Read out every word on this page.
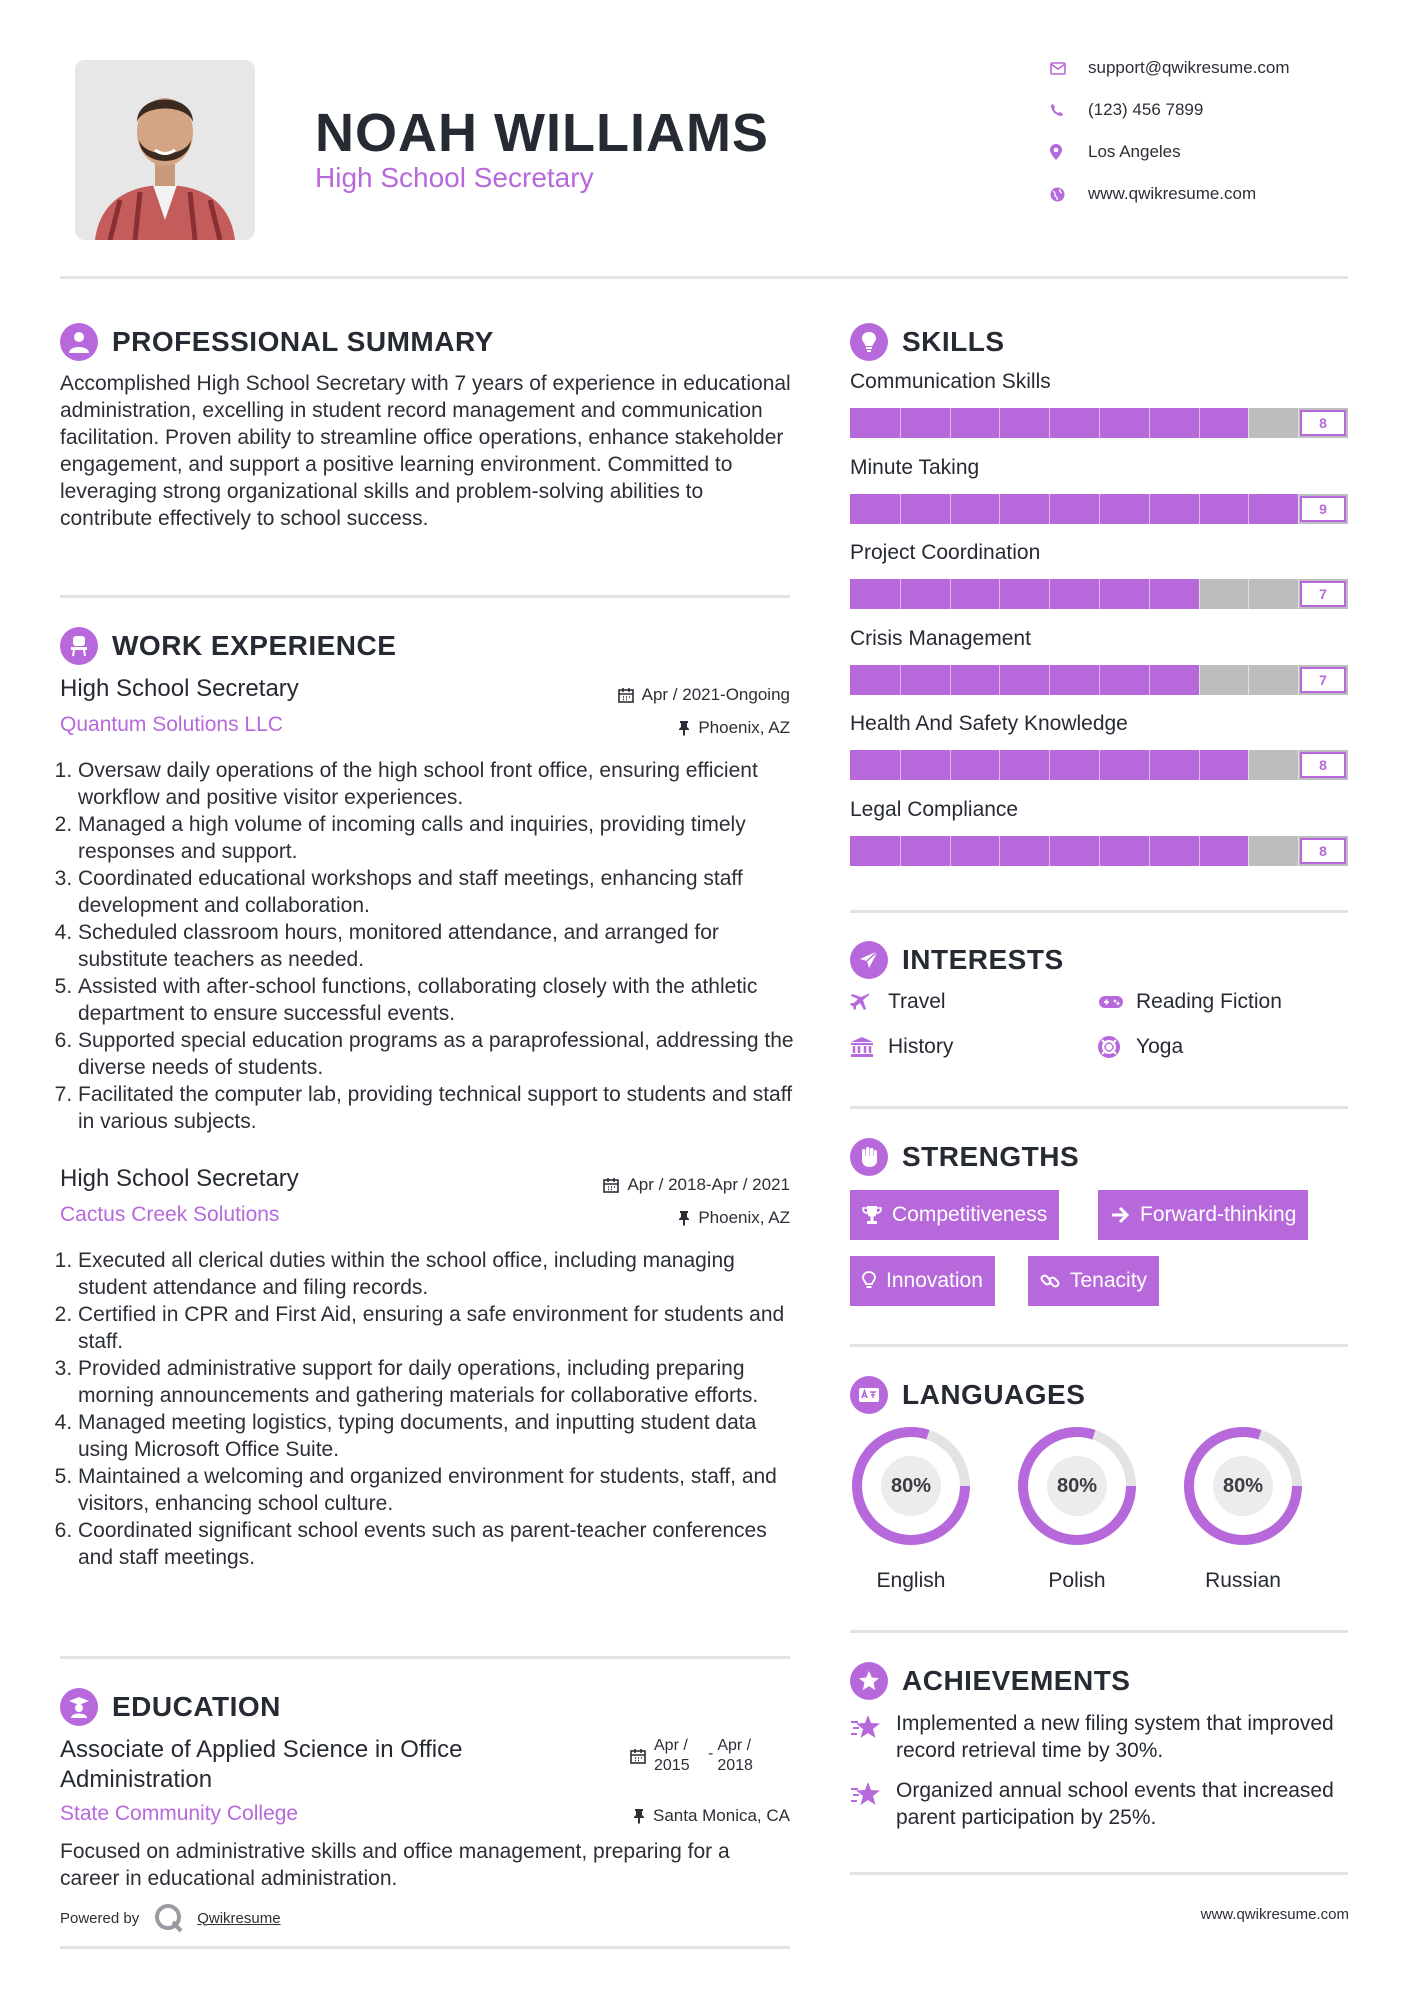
NOAH WILLIAMS
High School Secretary
support@qwikresume.com
(123) 456 7899
Los Angeles
www.qwikresume.com
PROFESSIONAL SUMMARY
Accomplished High School Secretary with 7 years of experience in educational administration, excelling in student record management and communication facilitation. Proven ability to streamline office operations, enhance stakeholder engagement, and support a positive learning environment. Committed to leveraging strong organizational skills and problem-solving abilities to contribute effectively to school success.
WORK EXPERIENCE
High School Secretary	Apr / 2021-Ongoing
Quantum Solutions LLC	Phoenix, AZ
1. Oversaw daily operations of the high school front office, ensuring efficient workflow and positive visitor experiences.
2. Managed a high volume of incoming calls and inquiries, providing timely responses and support.
3. Coordinated educational workshops and staff meetings, enhancing staff development and collaboration.
4. Scheduled classroom hours, monitored attendance, and arranged for substitute teachers as needed.
5. Assisted with after-school functions, collaborating closely with the athletic department to ensure successful events.
6. Supported special education programs as a paraprofessional, addressing the diverse needs of students.
7. Facilitated the computer lab, providing technical support to students and staff in various subjects.
High School Secretary	Apr / 2018-Apr / 2021
Cactus Creek Solutions	Phoenix, AZ
1. Executed all clerical duties within the school office, including managing student attendance and filing records.
2. Certified in CPR and First Aid, ensuring a safe environment for students and staff.
3. Provided administrative support for daily operations, including preparing morning announcements and gathering materials for collaborative efforts.
4. Managed meeting logistics, typing documents, and inputting student data using Microsoft Office Suite.
5. Maintained a welcoming and organized environment for students, staff, and visitors, enhancing school culture.
6. Coordinated significant school events such as parent-teacher conferences and staff meetings.
EDUCATION
Associate of Applied Science in Office Administration
Apr / 2015
- Apr / 2018
State Community College	Santa Monica, CA
Focused on administrative skills and office management, preparing for a career in educational administration.
Powered by	Qwikresume
SKILLS
Communication Skills
8
Minute Taking
9
Project Coordination
7
Crisis Management
7
Health And Safety Knowledge
8
Legal Compliance
8
INTERESTS
Travel	Reading Fiction
History	Yoga
STRENGTHS
Competitiveness	Forward-thinking
Innovation	Tenacity
LANGUAGES
80%
English
80%
Polish
80%
Russian
ACHIEVEMENTS
Implemented a new filing system that improved record retrieval time by 30%.
Organized annual school events that increased parent participation by 25%.
www.qwikresume.com
